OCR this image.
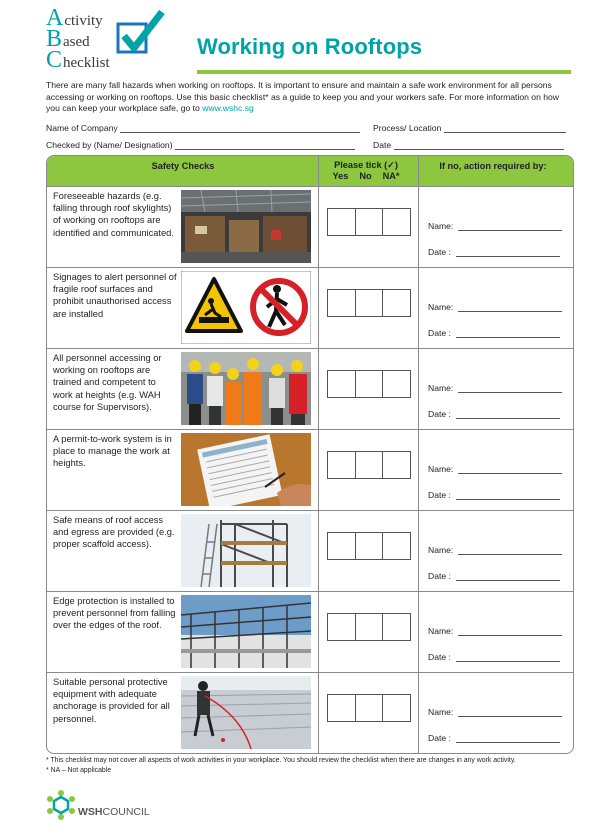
Activity
Based
Checklist
Working on Rooftops
There are many fall hazards when working on rooftops. It is important to ensure and maintain a safe work environment for all persons accessing or working on rooftops. Use this basic checklist* as a guide to keep you and your workers safe. For more information on how you can keep your workplace safe, go to www.wshc.sg
Name of Company	Process/ Location
Checked by (Name/ Designation)	Date
Safety Checks	Please tick (✓)
Yes No NA*
If no, action required by:
Foreseeable hazards (e.g. falling through roof skylights) of working on rooftops are identified and communicated.
Name:
Date :
Signages to alert personnel of fragile roof surfaces and prohibit unauthorised access are installed
Name:
Date :
All personnel accessing or working on rooftops are trained and competent to work at heights (e.g. WAH course for Supervisors).
Name:
Date :
A permit-to-work system is in place to manage the work at heights.
Name:
Date :
Safe means of roof access and egress are provided (e.g. proper scaffold access).
Name:
Date :
Edge protection is installed to prevent personnel from falling over the edges of the roof.
Name:
Date :
Suitable personal protective equipment with adequate anchorage is provided for all personnel.
Name:
Date :
* This checklist may not cover all aspects of work activities in your workplace. You should review the checklist when there are changes in any work activity.
* NA – Not applicable
WSHCOUNCIL
